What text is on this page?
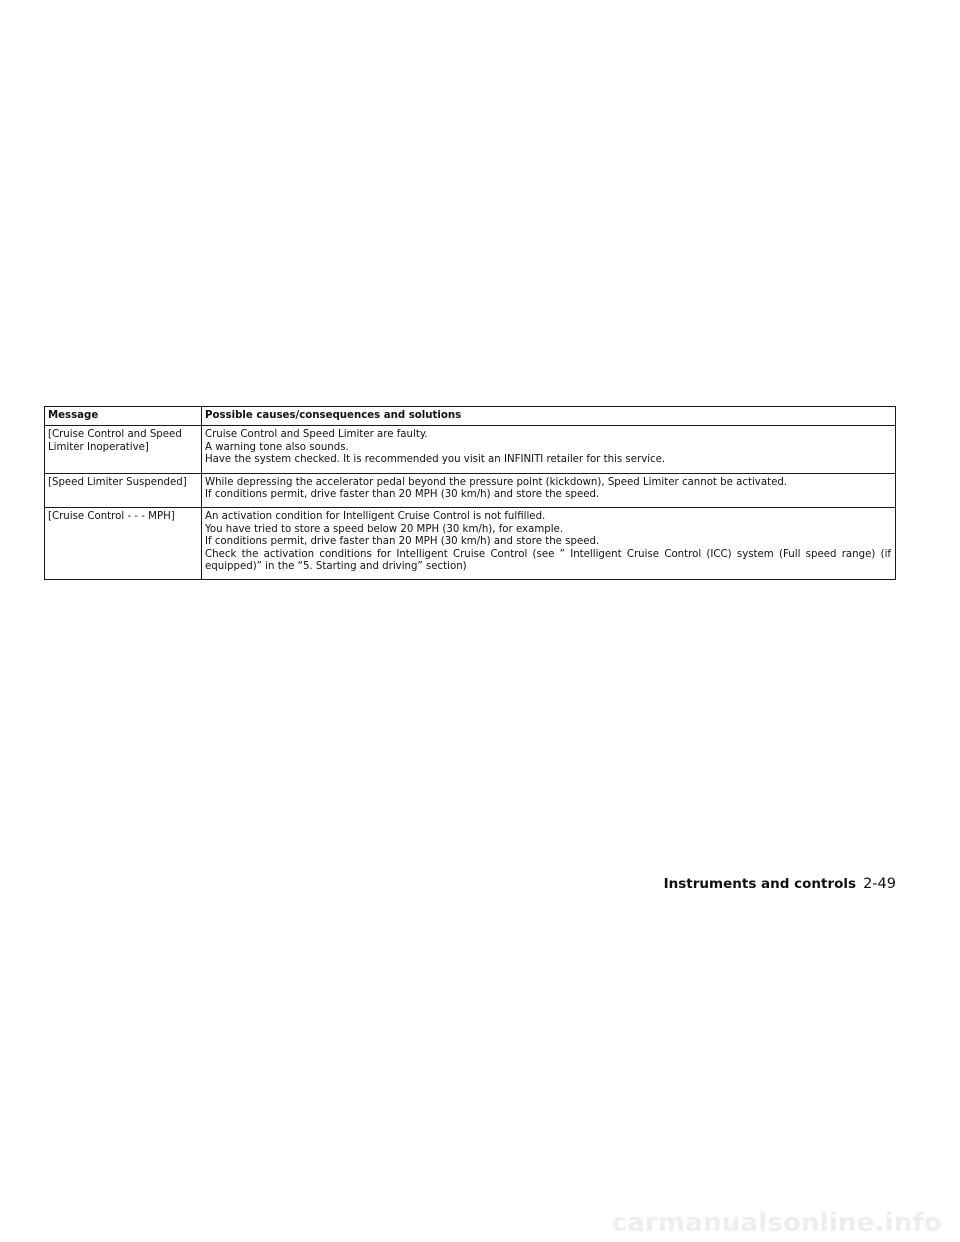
Message	Possible causes/consequences and solutions

[Cruise Control and Speed
Limiter Inoperative]	Cruise Control and Speed Limiter are faulty.
A warning tone also sounds.
Have the system checked. It is recommended you visit an INFINITI retailer for this service.

[Speed Limiter Suspended]	While depressing the accelerator pedal beyond the pressure point (kickdown), Speed Limiter cannot be activated.
If conditions permit, drive faster than 20 MPH (30 km/h) and store the speed.

[Cruise Control - - - MPH]	An activation condition for Intelligent Cruise Control is not fulfilled.
You have tried to store a speed below 20 MPH (30 km/h), for example.
If conditions permit, drive faster than 20 MPH (30 km/h) and store the speed.
Check the activation conditions for Intelligent Cruise Control (see ” Intelligent Cruise Control (ICC) system (Full speed range) (if
equipped)” in the “5. Starting and driving” section)
Instruments and controls 2-49
carmanualsonline.info
